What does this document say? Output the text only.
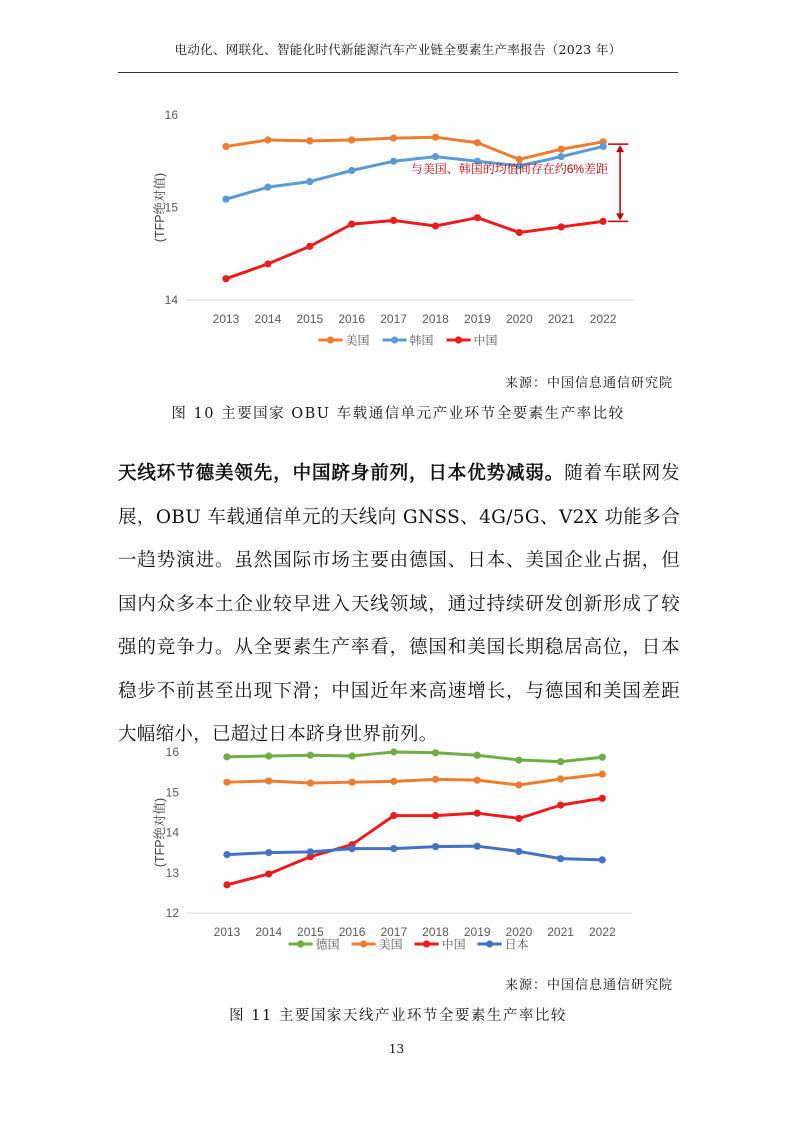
电动化、网联化、智能化时代新能源汽车产业链全要素生产率报告（2023 年）
14
15
16
(TFP绝对值)
2013 2014 2015 2016 2017 2018 2019 2020 2021 2022
美国	韩国	中国
与美国、韩国的均值间存在约6%差距
来源：中国信息通信研究院
图 10 主要国家 OBU 车载通信单元产业环节全要素生产率比较

天线环节德美领先，中国跻身前列，日本优势减弱。随着车联网发展，OBU 车载通信单元的天线向 GNSS、4G/5G、V2X 功能多合一趋势演进。虽然国际市场主要由德国、日本、美国企业占据，但国内众多本土企业较早进入天线领域，通过持续研发创新形成了较强的竞争力。从全要素生产率看，德国和美国长期稳居高位，日本稳步不前甚至出现下滑；中国近年来高速增长，与德国和美国差距大幅缩小，已超过日本跻身世界前列。

12
13
14
15
16
(TFP绝对值)
2013 2014 2015 2016 2017 2018 2019 2020 2021 2022
德国	美国	中国	日本
来源：中国信息通信研究院
图 11 主要国家天线产业环节全要素生产率比较
13
